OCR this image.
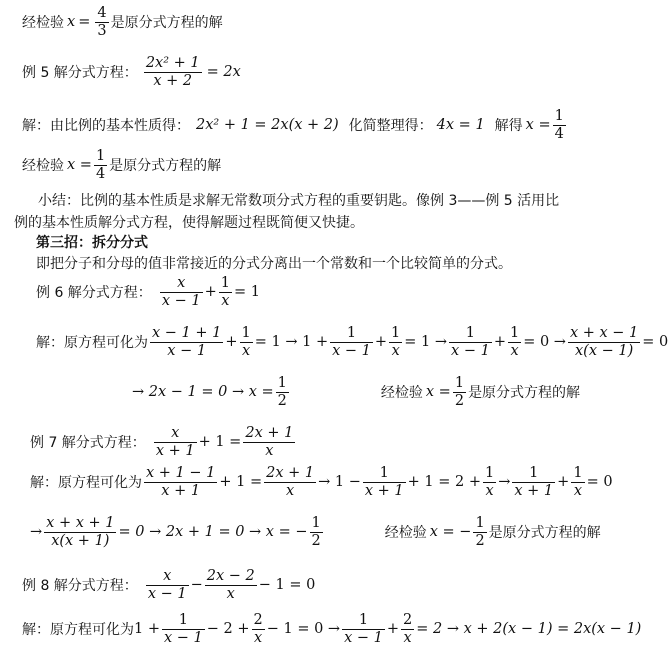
经检验 $x = \frac{4}{3}$ 是原分式方程的解
例 5 解分式方程： $\frac{\text{2x² + 1}}{x + 2} = 2x$
解：由比例的基本性质得： 2x² + 1 = 2x(x + 2) 化简整理得： 4x = 1 解得 $x = \frac{1}{4}$
经检验 $x = \frac{1}{4}$ 是原分式方程的解
小结：比例的基本性质是求解无常数项分式方程的重要钥匙。像例 3——例 5 活用比
例的基本性质解分式方程，使得解题过程既简便又快捷。
第三招：拆分分式
即把分子和分母的值非常接近的分式分离出一个常数和一个比较简单的分式。
例 6 解分式方程： $\frac{x}{x - 1} + \frac{1}{x} = 1$
解：原方程可化为 $\frac{x - 1 + 1}{x - 1} + \frac{1}{x} = 1 \to 1 + \frac{1}{x - 1} + \frac{1}{x} = 1 \to \frac{1}{x - 1} + \frac{1}{x} = 0 \to \frac{x + x - 1}{x(x - 1)} = 0$
→ $2x - 1 = 0 \to x = \frac{1}{2}$	经检验 $x = \frac{1}{2}$ 是原分式方程的解
例 7 解分式方程： $\frac{x}{x + 1} + 1 = \frac{2x + 1}{x}$
解：原方程可化为 $\frac{x + 1 - 1}{x + 1} + 1 = \frac{2x + 1}{x} \to 1 - \frac{1}{x + 1} + 1 = 2 + \frac{1}{x} \to \frac{1}{x + 1} + \frac{1}{x} = 0$
→ $\frac{x + x + 1}{x(x + 1)} = 0 \to 2x + 1 = 0 \to x$ = − $\frac{1}{2}$	经检验 x = − $\frac{1}{2}$ 是原分式方程的解
例 8 解分式方程： $\frac{x}{x - 1} - \frac{2x - 2}{x} - 1 = 0$
解：原方程可化为 $1 + \frac{1}{x - 1} - 2 + \frac{2}{x} - 1 = 0 \to \frac{1}{x - 1} + \frac{2}{x} = 2 \to x + 2(x - 1) = 2x(x - 1)$
